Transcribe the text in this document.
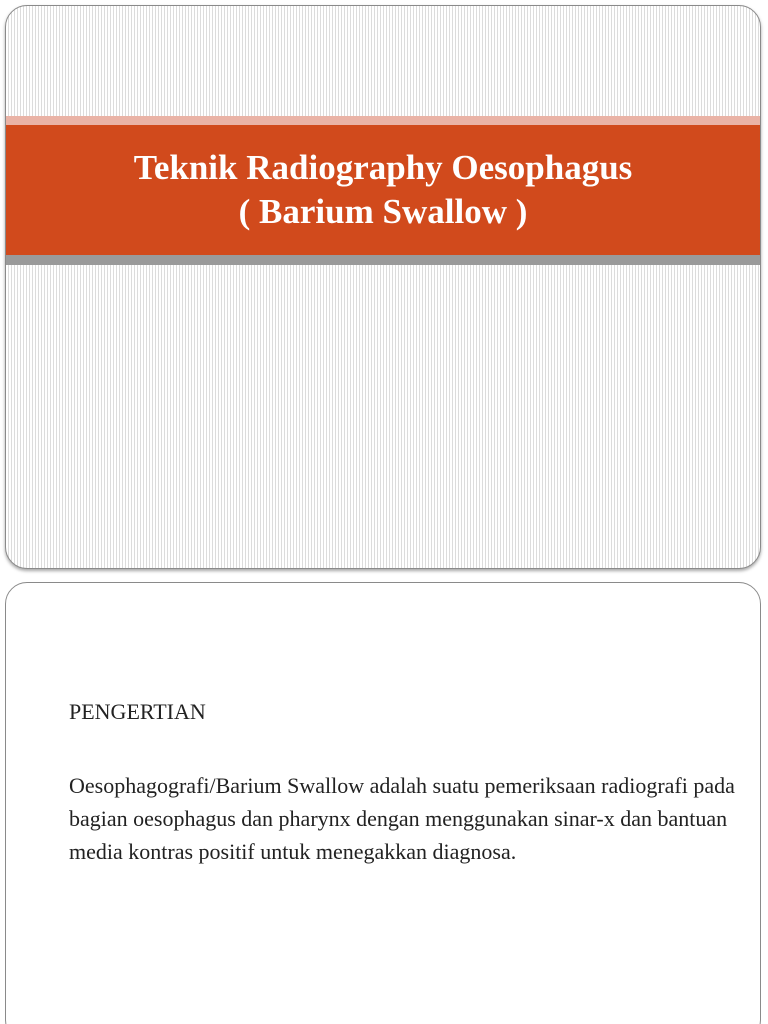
Teknik Radiography Oesophagus
( Barium Swallow )
PENGERTIAN
Oesophagografi/Barium Swallow adalah suatu pemeriksaan radiografi pada bagian oesophagus dan pharynx dengan menggunakan sinar-x dan bantuan media kontras positif untuk menegakkan diagnosa.
